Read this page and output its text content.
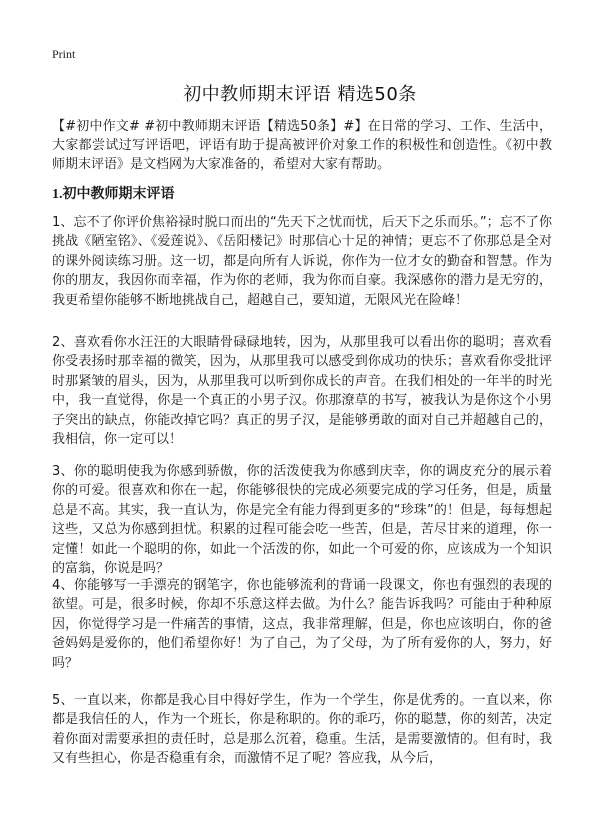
Print
初中教师期末评语 精选50条

【#初中作文# #初中教师期末评语【精选50条】#】在日常的学习、工作、生活中，大家都尝试过写评语吧，评语有助于提高被评价对象工作的积极性和创造性。《初中教师期末评语》是文档网为大家准备的，希望对大家有帮助。

1.初中教师期末评语

1、忘不了你评价焦裕禄时脱口而出的“先天下之忧而忧，后天下之乐而乐。”；忘不了你挑战《陋室铭》、《爱莲说》、《岳阳楼记》时那信心十足的神情；更忘不了你那总是全对的课外阅读练习册。这一切，都是向所有人诉说，你作为一位才女的勤奋和智慧。作为你的朋友，我因你而幸福，作为你的老师，我为你而自豪。我深感你的潜力是无穷的，我更希望你能够不断地挑战自己，超越自己，要知道，无限风光在险峰！

2、喜欢看你水汪汪的大眼睛骨碌碌地转，因为，从那里我可以看出你的聪明；喜欢看你受表扬时那幸福的微笑，因为，从那里我可以感受到你成功的快乐；喜欢看你受批评时那紧皱的眉头，因为，从那里我可以听到你成长的声音。在我们相处的一年半的时光中，我一直觉得，你是一个真正的小男子汉。你那潦草的书写，被我认为是你这个小男子突出的缺点，你能改掉它吗？真正的男子汉，是能够勇敢的面对自己并超越自己的，我相信，你一定可以！

3、你的聪明使我为你感到骄傲，你的活泼使我为你感到庆幸，你的调皮充分的展示着你的可爱。很喜欢和你在一起，你能够很快的完成必须要完成的学习任务，但是，质量总是不高。其实，我一直认为，你是完全有能力得到更多的“珍珠”的！但是，每每想起这些，又总为你感到担忧。积累的过程可能会吃一些苦，但是，苦尽甘来的道理，你一定懂！如此一个聪明的你，如此一个活泼的你，如此一个可爱的你，应该成为一个知识的富翁，你说是吗？

4、你能够写一手漂亮的钢笔字，你也能够流利的背诵一段课文，你也有强烈的表现的欲望。可是，很多时候，你却不乐意这样去做。为什么？能告诉我吗？可能由于种种原因，你觉得学习是一件痛苦的事情，这点，我非常理解，但是，你也应该明白，你的爸爸妈妈是爱你的，他们希望你好！为了自己，为了父母，为了所有爱你的人，努力，好吗？

5、一直以来，你都是我心目中得好学生，作为一个学生，你是优秀的。一直以来，你都是我信任的人，作为一个班长，你是称职的。你的乖巧，你的聪慧，你的刻苦，决定着你面对需要承担的责任时，总是那么沉着，稳重。生活，是需要激情的。但有时，我又有些担心，你是否稳重有余，而激情不足了呢？答应我，从今后，
